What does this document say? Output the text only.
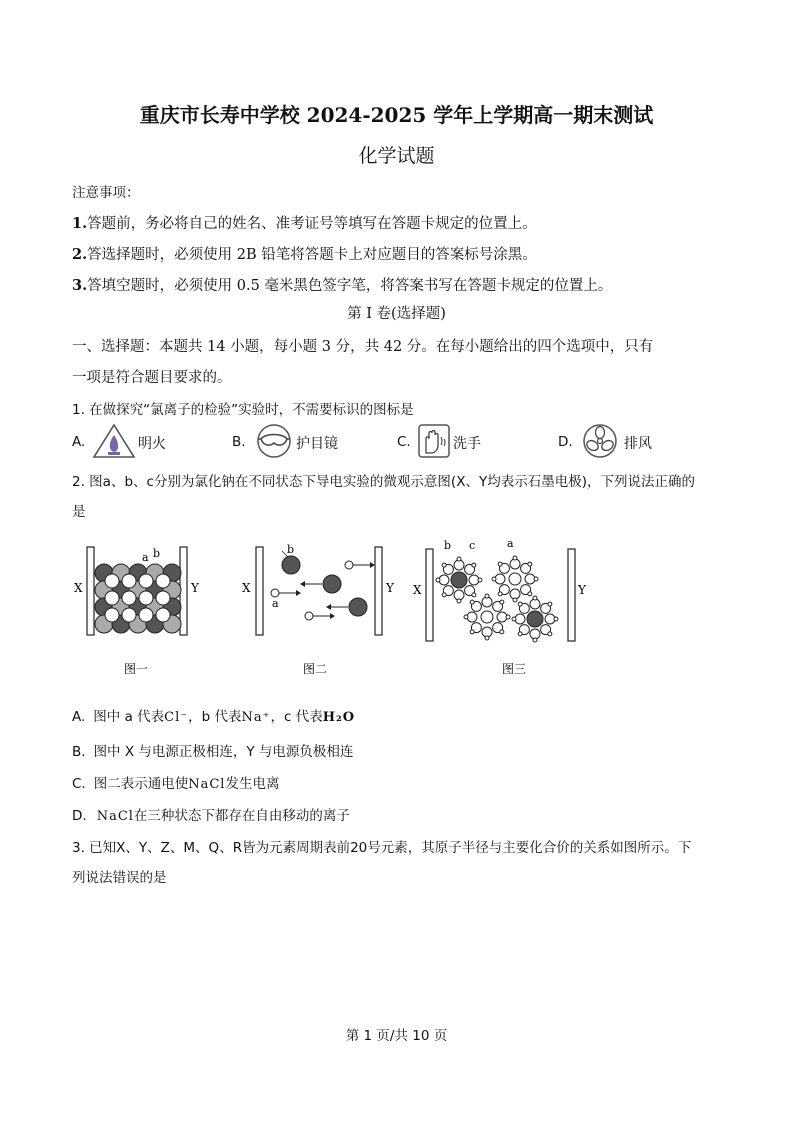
重庆市长寿中学校 2024-2025 学年上学期高一期末测试
化学试题
注意事项：
1.答题前，务必将自己的姓名、准考证号等填写在答题卡规定的位置上。
2.答选择题时，必须使用 2B 铅笔将答题卡上对应题目的答案标号涂黑。
3.答填空题时，必须使用 0.5 毫米黑色签字笔，将答案书写在答题卡规定的位置上。
第 I 卷(选择题)
一、选择题：本题共 14 小题，每小题 3 分，共 42 分。在每小题给出的四个选项中，只有
一项是符合题目要求的。
1. 在做探究“氯离子的检验”实验时，不需要标识的图标是
A.	明火	B.	护目镜	C.	洗手	D.	排风
2. 图a、b、c分别为氯化钠在不同状态下导电实验的微观示意图(X、Y均表示石墨电极)，下列说法正确的
是
X	Y
a b
图一
X	Y
b
a
图二
X	Y
b c	a
图三
A. 图中 a 代表Cl⁻，b 代表Na⁺，c 代表H₂O
B. 图中 X 与电源正极相连，Y 与电源负极相连
C. 图二表示通电使NaCl发生电离
D. NaCl在三种状态下都存在自由移动的离子
3. 已知X、Y、Z、M、Q、R皆为元素周期表前20号元素，其原子半径与主要化合价的关系如图所示。下
列说法错误的是
第 1 页/共 10 页
